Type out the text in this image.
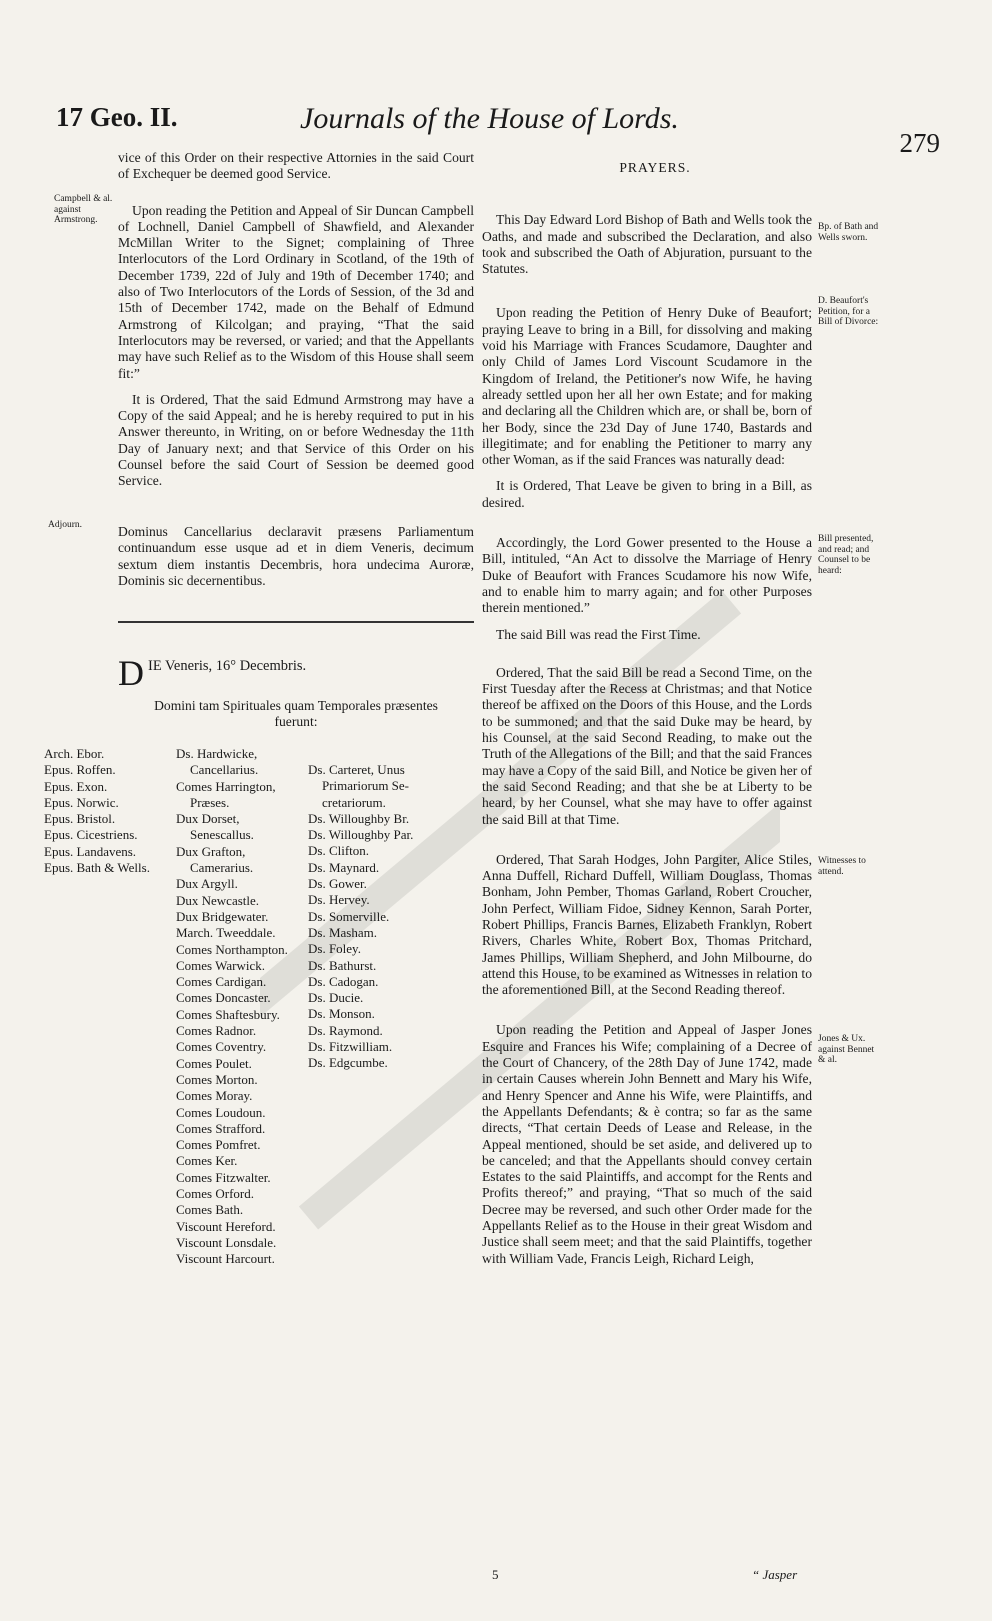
17 Geo. II.	Journals of the House of Lords.
279

vice of this Order on their respective Attornies in the said Court of Exchequer be deemed good Service.

Upon reading the Petition and Appeal of Sir Duncan Campbell of Lochnell, Daniel Campbell of Shawfield, and Alexander McMillan Writer to the Signet; complaining of Three Interlocutors of the Lord Ordinary in Scotland, of the 19th of December 1739, 22d of July and 19th of December 1740; and also of Two Interlocutors of the Lords of Session, of the 3d and 15th of December 1742, made on the Behalf of Edmund Armstrong of Kilcolgan; and praying, “That the said Interlocutors may be reversed, or varied; and that the Appellants may have such Relief as to the Wisdom of this House shall seem fit:”

It is Ordered, That the said Edmund Armstrong may have a Copy of the said Appeal; and he is hereby required to put in his Answer thereunto, in Writing, on or before Wednesday the 11th Day of January next; and that Service of this Order on his Counsel before the said Court of Session be deemed good Service.

Campbell & al. against Armstrong.
Dominus Cancellarius declaravit præsens Parliamentum continuandum esse usque ad et in diem Veneris, decimum sextum diem instantis Decembris, hora undecima Auroræ, Dominis sic decernentibus.
Adjourn.
D IE Veneris, 16° Decembris.
Domini tam Spirituales quam Temporales præsentes fuerunt:
Arch. Ebor.
Epus. Roffen.
Epus. Exon.
Epus. Norwic.
Epus. Bristol.
Epus. Cicestriens.
Epus. Landavens.
Epus. Bath & Wells.
Ds. Hardwicke,
Cancellarius.
Comes Harrington,
Præses.
Dux Dorset,
Senescallus.
Dux Grafton,
Camerarius.
Dux Argyll.
Dux Newcastle.
Dux Bridgewater.
March. Tweeddale.
Comes Northampton.
Comes Warwick.
Comes Cardigan.
Comes Doncaster.
Comes Shaftesbury.
Comes Radnor.
Comes Coventry.
Comes Poulet.
Comes Morton.
Comes Moray.
Comes Loudoun.
Comes Strafford.
Comes Pomfret.
Comes Ker.
Comes Fitzwalter.
Comes Orford.
Comes Bath.
Viscount Hereford.
Viscount Lonsdale.
Viscount Harcourt.
Ds. Carteret, Unus
Primariorum Se-
cretariorum.
Ds. Willoughby Br.
Ds. Willoughby Par.
Ds. Clifton.
Ds. Maynard.
Ds. Gower.
Ds. Hervey.
Ds. Somerville.
Ds. Masham.
Ds. Foley.
Ds. Bathurst.
Ds. Cadogan.
Ds. Ducie.
Ds. Monson.
Ds. Raymond.
Ds. Fitzwilliam.
Ds. Edgcumbe.
PRAYERS.

This Day Edward Lord Bishop of Bath and Wells took the Oaths, and made and subscribed the Declaration, and also took and subscribed the Oath of Abjuration, pursuant to the Statutes.

Upon reading the Petition of Henry Duke of Beaufort; praying Leave to bring in a Bill, for dissolving and making void his Marriage with Frances Scudamore, Daughter and only Child of James Lord Viscount Scudamore in the Kingdom of Ireland, the Petitioner's now Wife, he having already settled upon her all her own Estate; and for making and declaring all the Children which are, or shall be, born of her Body, since the 23d Day of June 1740, Bastards and illegitimate; and for enabling the Petitioner to marry any other Woman, as if the said Frances was naturally dead:

It is Ordered, That Leave be given to bring in a Bill, as desired.

Accordingly, the Lord Gower presented to the House a Bill, intituled, “An Act to dissolve the Marriage of Henry Duke of Beaufort with Frances Scudamore his now Wife, and to enable him to marry again; and for other Purposes therein mentioned.”

The said Bill was read the First Time.

Ordered, That the said Bill be read a Second Time, on the First Tuesday after the Recess at Christmas; and that Notice thereof be affixed on the Doors of this House, and the Lords to be summoned; and that the said Duke may be heard, by his Counsel, at the said Second Reading, to make out the Truth of the Allegations of the Bill; and that the said Frances may have a Copy of the said Bill, and Notice be given her of the said Second Reading; and that she be at Liberty to be heard, by her Counsel, what she may have to offer against the said Bill at that Time.

Ordered, That Sarah Hodges, John Pargiter, Alice Stiles, Anna Duffell, Richard Duffell, William Douglass, Thomas Bonham, John Pember, Thomas Garland, Robert Croucher, John Perfect, William Fidoe, Sidney Kennon, Sarah Porter, Robert Phillips, Francis Barnes, Elizabeth Franklyn, Robert Rivers, Charles White, Robert Box, Thomas Pritchard, James Phillips, William Shepherd, and John Milbourne, do attend this House, to be examined as Witnesses in relation to the aforementioned Bill, at the Second Reading thereof.

Upon reading the Petition and Appeal of Jasper Jones Esquire and Frances his Wife; complaining of a Decree of the Court of Chancery, of the 28th Day of June 1742, made in certain Causes wherein John Bennett and Mary his Wife, and Henry Spencer and Anne his Wife, were Plaintiffs, and the Appellants Defendants; & è contra; so far as the same directs, “That certain Deeds of Lease and Release, in the Appeal mentioned, should be set aside, and delivered up to be canceled; and that the Appellants should convey certain Estates to the said Plaintiffs, and accompt for the Rents and Profits thereof;” and praying, “That so much of the said Decree may be reversed, and such other Order made for the Appellants Relief as to the House in their great Wisdom and Justice shall seem meet; and that the said Plaintiffs, together with William Vade, Francis Leigh, Richard Leigh,

Bp. of Bath and Wells sworn.
D. Beaufort's Petition, for a Bill of Divorce:
Bill presented, and read; and Counsel to be heard:
Witnesses to attend.
Jones & Ux. against Bennet & al.
5	“ Jasper
